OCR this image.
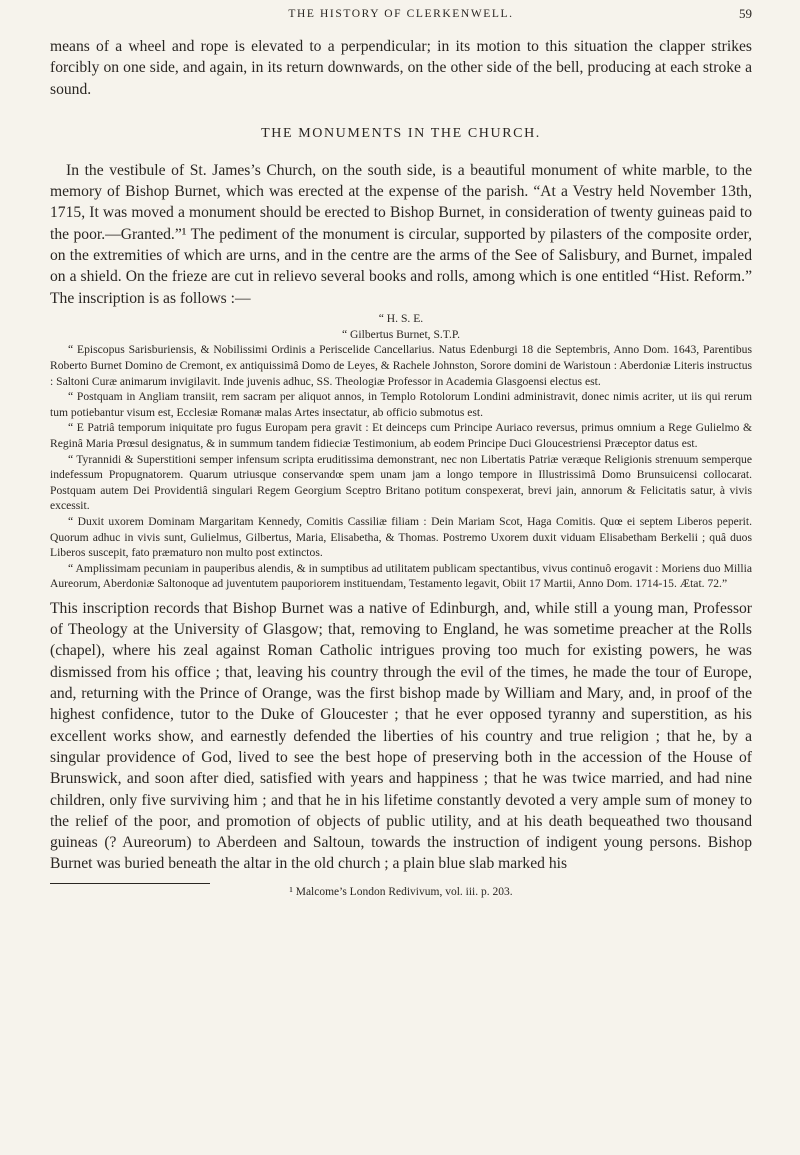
THE HISTORY OF CLERKENWELL.	59

means of a wheel and rope is elevated to a perpendicular; in its motion to this situation the clapper strikes forcibly on one side, and again, in its return downwards, on the other side of the bell, producing at each stroke a sound.

THE MONUMENTS IN THE CHURCH.

In the vestibule of St. James’s Church, on the south side, is a beautiful monument of white marble, to the memory of Bishop Burnet, which was erected at the expense of the parish. “At a Vestry held November 13th, 1715, It was moved a monument should be erected to Bishop Burnet, in consideration of twenty guineas paid to the poor.—Granted.”¹ The pediment of the monument is circular, supported by pilasters of the composite order, on the extremities of which are urns, and in the centre are the arms of the See of Salisbury, and Burnet, impaled on a shield. On the frieze are cut in relievo several books and rolls, among which is one entitled “Hist. Reform.” The inscription is as follows :—

“ H. S. E.
“ Gilbertus Burnet, S.T.P.

“ Episcopus Sarisburiensis, & Nobilissimi Ordinis a Periscelide Cancellarius. Natus Edenburgi 18 die Septembris, Anno Dom. 1643, Parentibus Roberto Burnet Domino de Cremont, ex antiquissimâ Domo de Leyes, & Rachele Johnston, Sorore domini de Waristoun : Aberdoniæ Literis instructus : Saltoni Curæ animarum invigilavit. Inde juvenis adhuc, SS. Theologiæ Professor in Academia Glasgoensi electus est.

“ Postquam in Angliam transiit, rem sacram per aliquot annos, in Templo Rotolorum Londini administravit, donec nimis acriter, ut iis qui rerum tum potiebantur visum est, Ecclesiæ Romanæ malas Artes insectatur, ab officio submotus est.

“ E Patriâ temporum iniquitate pro fugus Europam pera gravit : Et deinceps cum Principe Auriaco reversus, primus omnium a Rege Gulielmo & Reginâ Maria Prœsul designatus, & in summum tandem fidieciæ Testimonium, ab eodem Principe Duci Gloucestriensi Præceptor datus est.

“ Tyrannidi & Superstitioni semper infensum scripta eruditissima demonstrant, nec non Libertatis Patriæ veræque Religionis strenuum semperque indefessum Propugnatorem. Quarum utriusque conservandœ spem unam jam a longo tempore in Illustrissimâ Domo Brunsuicensi collocarat. Postquam autem Dei Providentiâ singulari Regem Georgium Sceptro Britano potitum conspexerat, brevi jain, annorum & Felicitatis satur, à vivis excessit.

“ Duxit uxorem Dominam Margaritam Kennedy, Comitis Cassiliæ filiam : Dein Mariam Scot, Haga Comitis. Quœ ei septem Liberos peperit. Quorum adhuc in vivis sunt, Gulielmus, Gilbertus, Maria, Elisabetha, & Thomas. Postremo Uxorem duxit viduam Elisabetham Berkelii ; quâ duos Liberos suscepit, fato præmaturo non multo post extinctos.

“ Amplissimam pecuniam in pauperibus alendis, & in sumptibus ad utilitatem publicam spectantibus, vivus continuô erogavit : Moriens duo Millia Aureorum, Aberdoniæ Saltonoque ad juventutem pauporiorem instituendam, Testamento legavit, Obiit 17 Martii, Anno Dom. 1714-15. Ætat. 72.”

This inscription records that Bishop Burnet was a native of Edinburgh, and, while still a young man, Professor of Theology at the University of Glasgow; that, removing to England, he was sometime preacher at the Rolls (chapel), where his zeal against Roman Catholic intrigues proving too much for existing powers, he was dismissed from his office ; that, leaving his country through the evil of the times, he made the tour of Europe, and, returning with the Prince of Orange, was the first bishop made by William and Mary, and, in proof of the highest confidence, tutor to the Duke of Gloucester ; that he ever opposed tyranny and superstition, as his excellent works show, and earnestly defended the liberties of his country and true religion ; that he, by a singular providence of God, lived to see the best hope of preserving both in the accession of the House of Brunswick, and soon after died, satisfied with years and happiness ; that he was twice married, and had nine children, only five surviving him ; and that he in his lifetime constantly devoted a very ample sum of money to the relief of the poor, and promotion of objects of public utility, and at his death bequeathed two thousand guineas (? Aureorum) to Aberdeen and Saltoun, towards the instruction of indigent young persons. Bishop Burnet was buried beneath the altar in the old church ; a plain blue slab marked his

¹ Malcome’s London Redivivum, vol. iii. p. 203.
